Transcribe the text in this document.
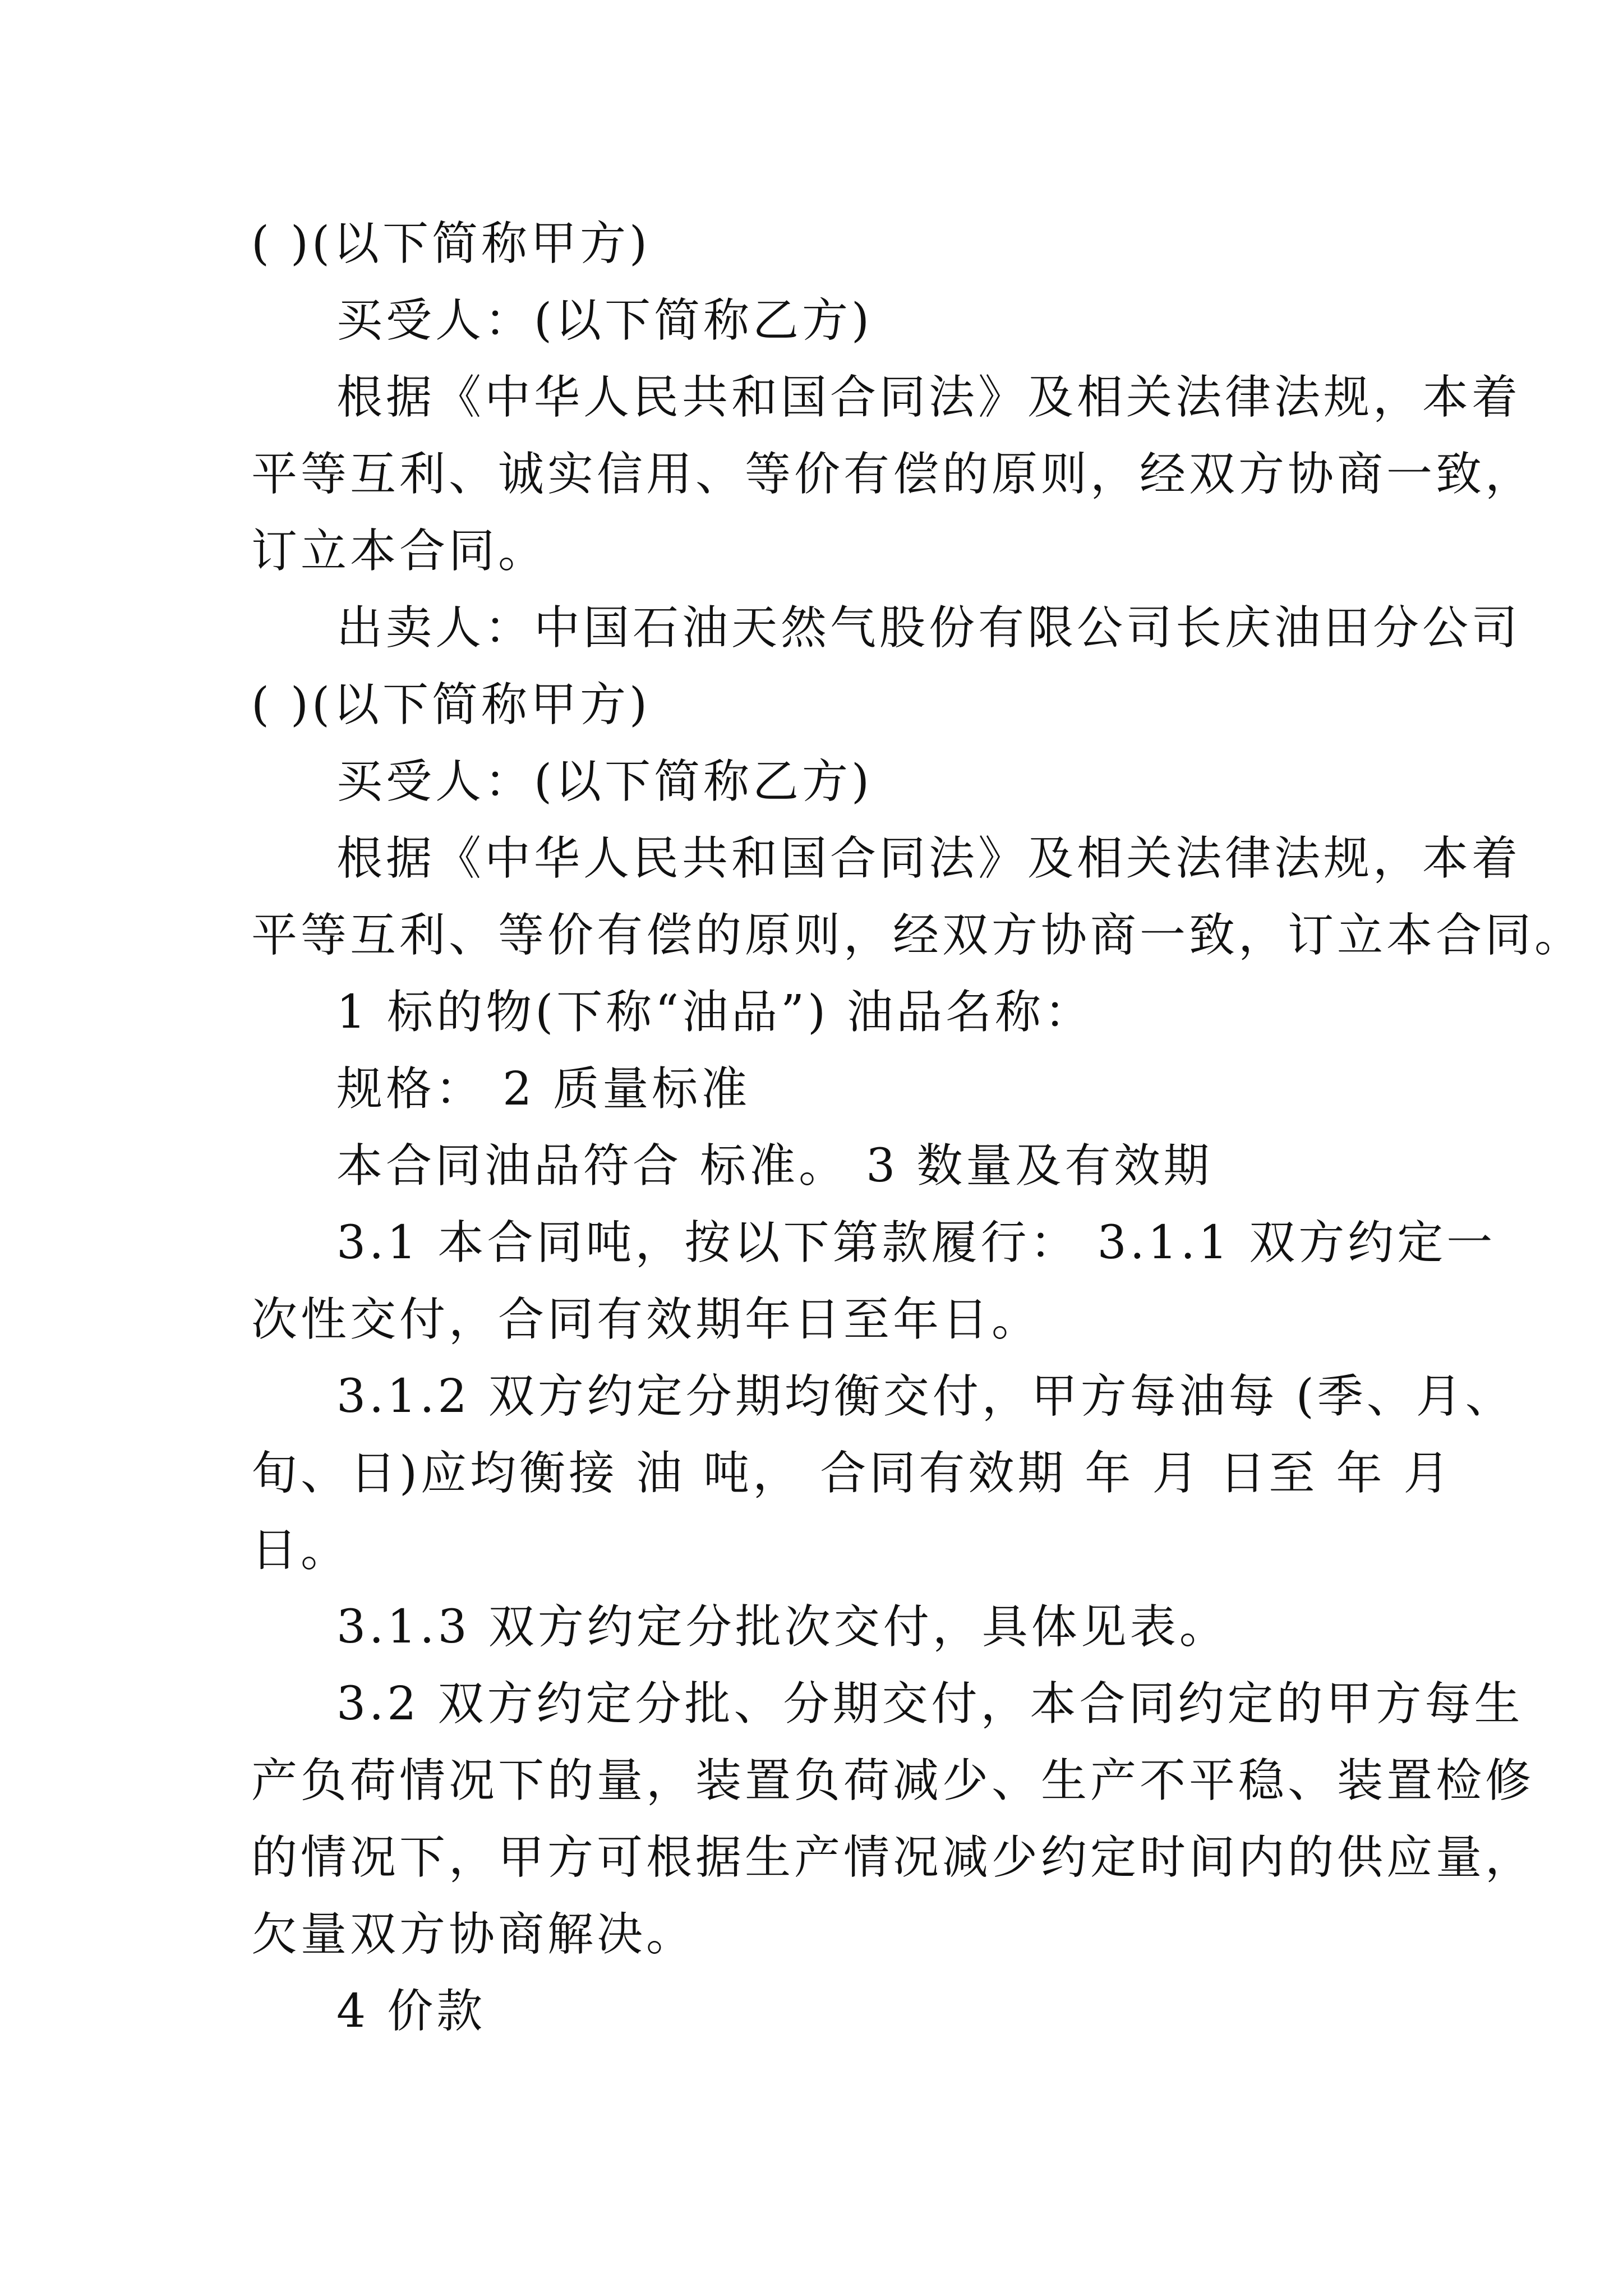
( )(以下简称甲方)
买受人：(以下简称乙方)
根据《中华人民共和国合同法》及相关法律法规，本着
平等互利、诚实信用、等价有偿的原则，经双方协商一致，
订立本合同。
出卖人：中国石油天然气股份有限公司长庆油田分公司
( )(以下简称甲方)
买受人：(以下简称乙方)
根据《中华人民共和国合同法》及相关法律法规，本着
平等互利、等价有偿的原则，经双方协商一致，订立本合同。
1 标的物(下称“油品”) 油品名称：
规格： 2 质量标准
本合同油品符合 标准。 3 数量及有效期
3.1 本合同吨，按以下第款履行： 3.1.1 双方约定一
次性交付，合同有效期年日至年日。
3.1.2 双方约定分期均衡交付，甲方每油每 (季、月、
旬、日)应均衡接 油 吨， 合同有效期 年 月 日至 年 月
日。
3.1.3 双方约定分批次交付，具体见表。
3.2 双方约定分批、分期交付，本合同约定的甲方每生
产负荷情况下的量，装置负荷减少、生产不平稳、装置检修
的情况下，甲方可根据生产情况减少约定时间内的供应量，
欠量双方协商解决。
4 价款
